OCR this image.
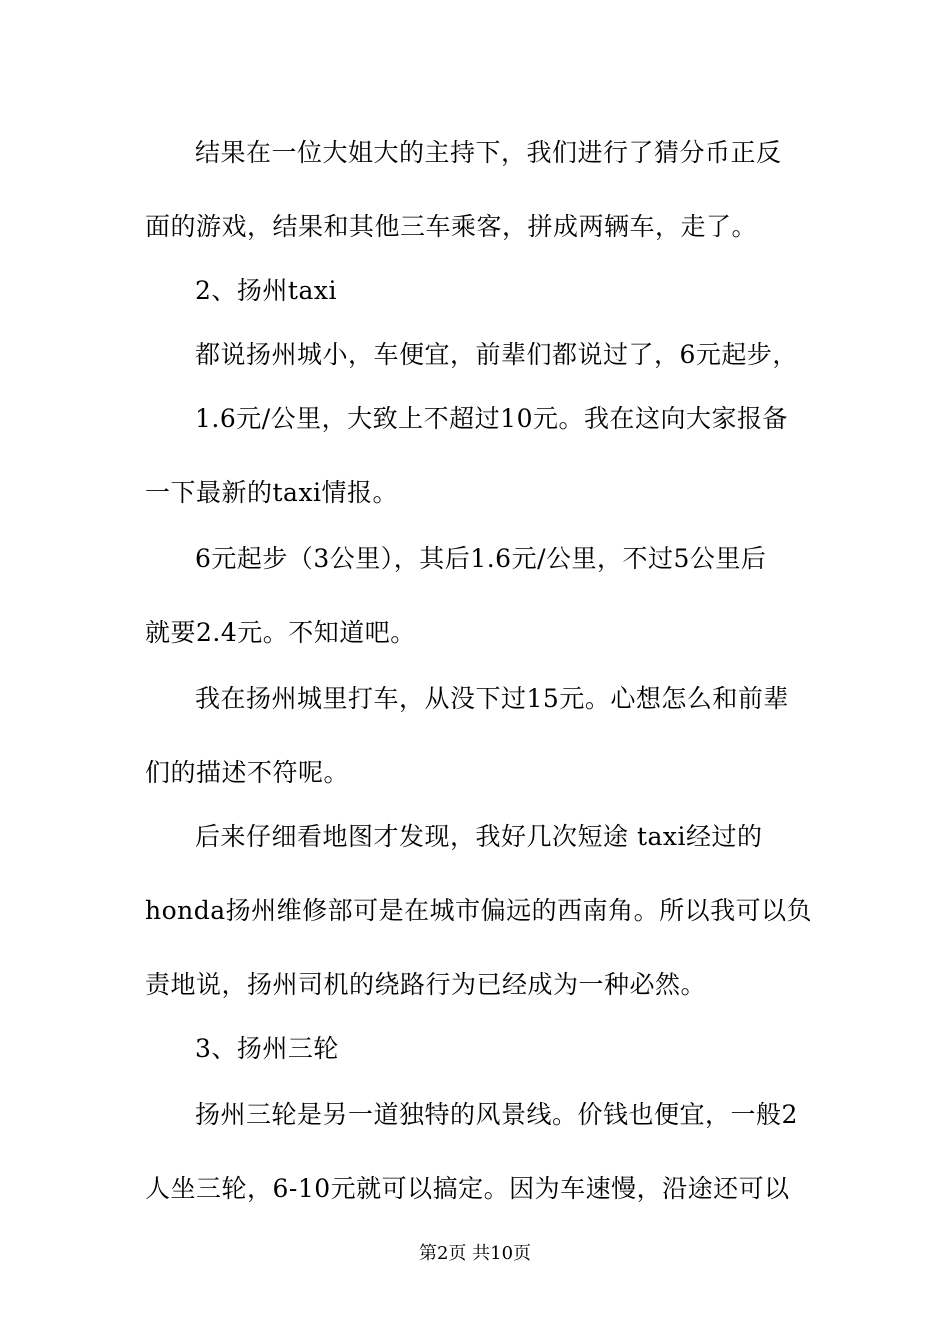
结果在一位大姐大的主持下，我们进行了猜分币正反
面的游戏，结果和其他三车乘客，拼成两辆车，走了。
2、扬州taxi
都说扬州城小，车便宜，前辈们都说过了，6元起步，
1.6元/公里，大致上不超过10元。我在这向大家报备
一下最新的taxi情报。
6元起步（3公里），其后1.6元/公里，不过5公里后
就要2.4元。不知道吧。
我在扬州城里打车，从没下过15元。心想怎么和前辈
们的描述不符呢。
后来仔细看地图才发现，我好几次短途 taxi经过的
honda扬州维修部可是在城市偏远的西南角。所以我可以负
责地说，扬州司机的绕路行为已经成为一种必然。
3、扬州三轮
扬州三轮是另一道独特的风景线。价钱也便宜，一般2
人坐三轮，6-10元就可以搞定。因为车速慢，沿途还可以
第2页 共10页
